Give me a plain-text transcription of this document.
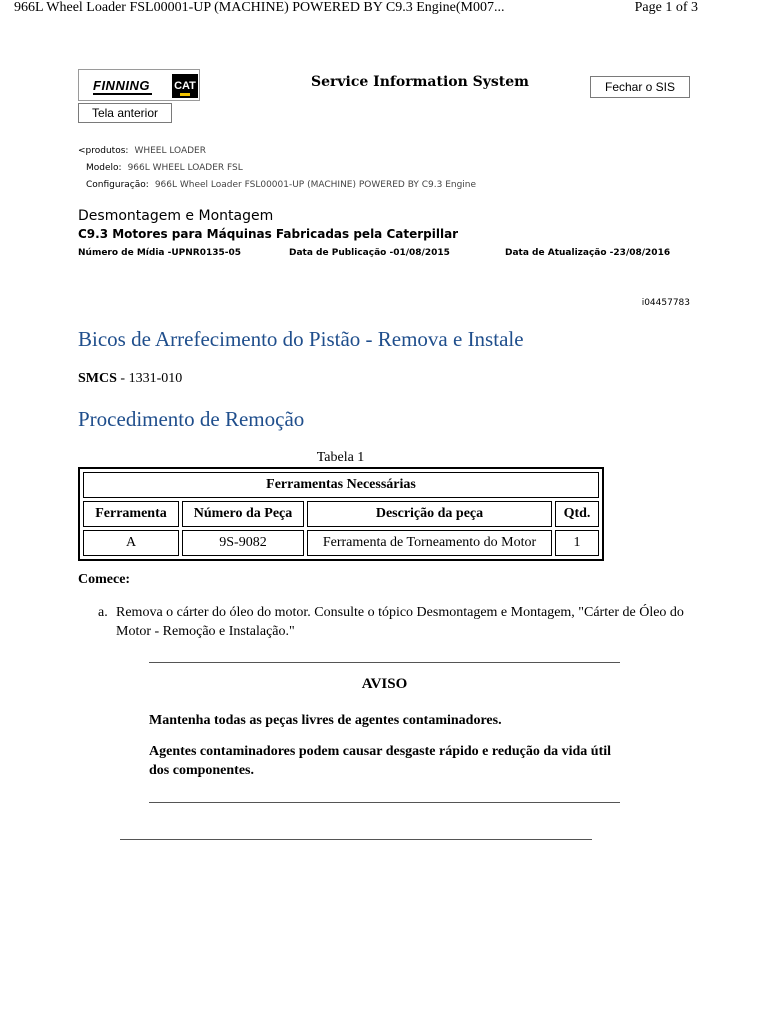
966L Wheel Loader FSL00001-UP (MACHINE) POWERED BY C9.3 Engine(M007...	Page 1 of 3
FINNING CAT	Service Information System	Fechar o SIS
Tela anterior
<produtos: WHEEL LOADER
Modelo: 966L WHEEL LOADER FSL
Configuração: 966L Wheel Loader FSL00001-UP (MACHINE) POWERED BY C9.3 Engine
Desmontagem e Montagem
C9.3 Motores para Máquinas Fabricadas pela Caterpillar
Número de Mídia -UPNR0135-05	Data de Publicação -01/08/2015	Data de Atualização -23/08/2016
i04457783
Bicos de Arrefecimento do Pistão - Remova e Instale
SMCS - 1331-010
Procedimento de Remoção
Tabela 1
Ferramentas Necessárias			
Ferramenta	Número da Peça	Descrição da peça	Qtd.
A	9S-9082	Ferramenta de Torneamento do Motor	1
Comece:
a. Remova o cárter do óleo do motor. Consulte o tópico Desmontagem e Montagem, "Cárter de Óleo do Motor - Remoção e Instalação."
AVISO
Mantenha todas as peças livres de agentes contaminadores.
Agentes contaminadores podem causar desgaste rápido e redução da vida útil dos componentes.
